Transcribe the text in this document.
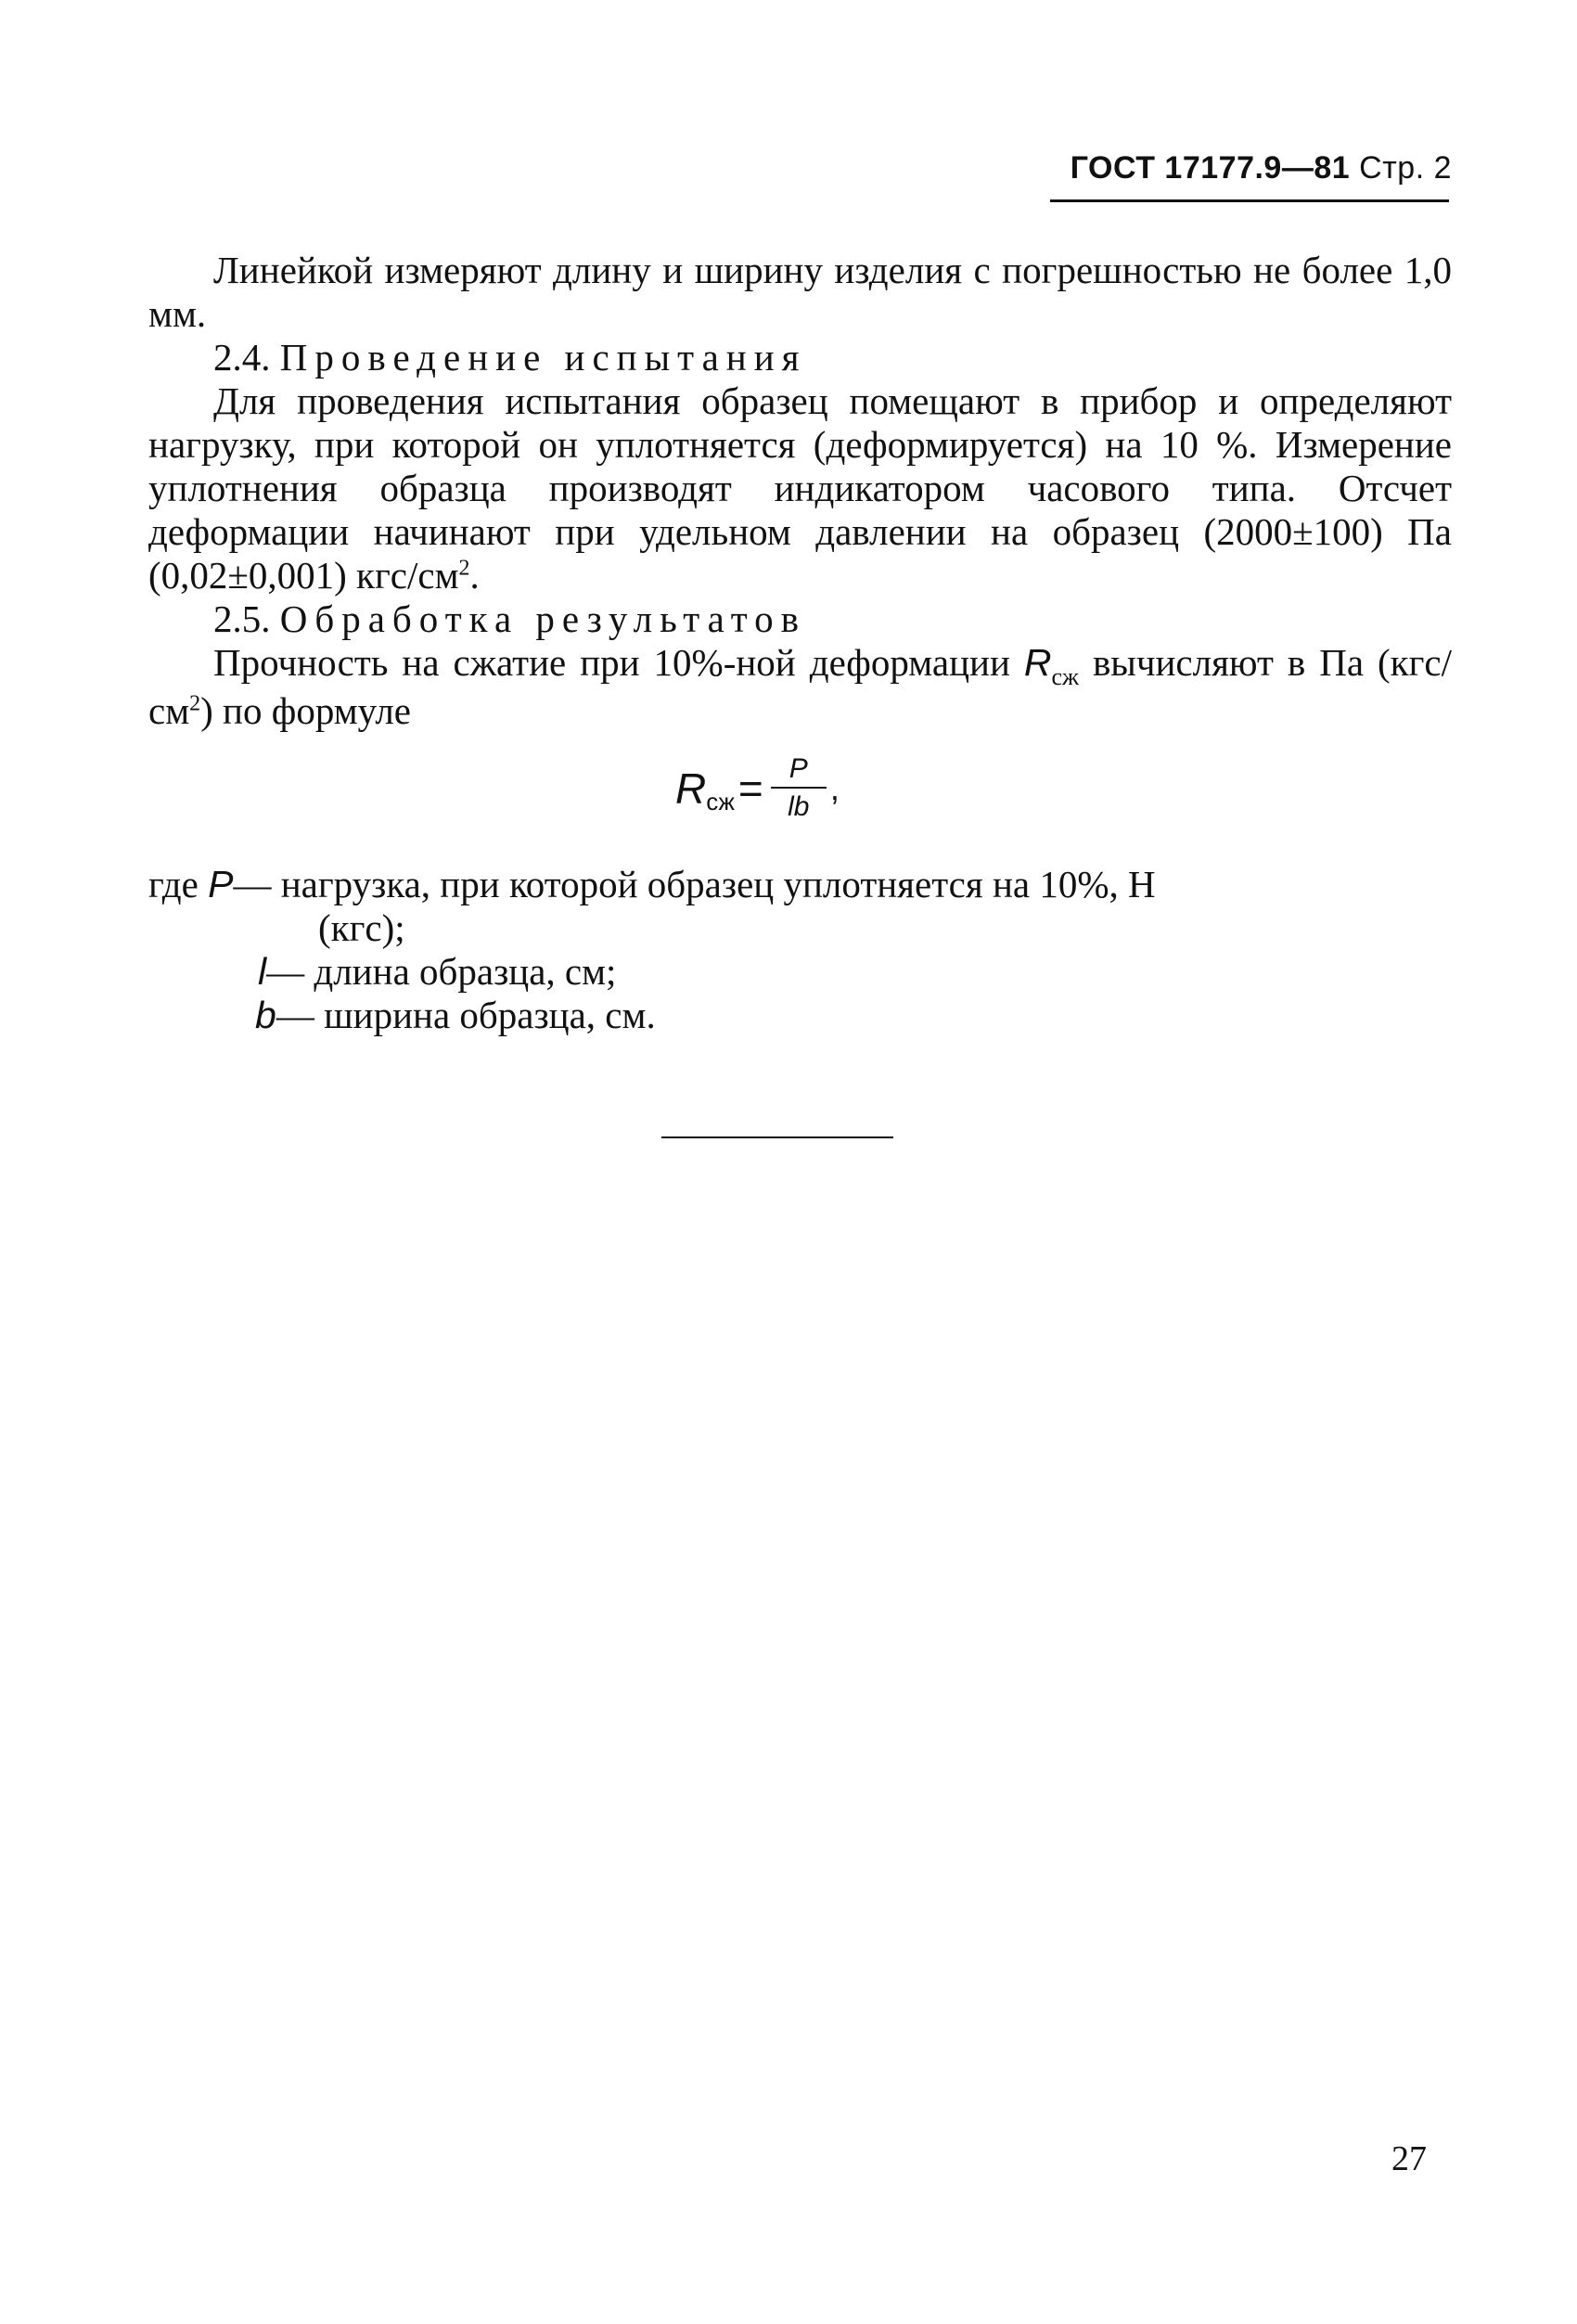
ГОСТ 17177.9—81 Стр. 2

Линейкой измеряют длину и ширину изделия с погрешностью не более 1,0 мм.

2.4. Проведение испытания

Для проведения испытания образец помещают в прибор и определяют нагрузку, при которой он уплотняется (деформируется) на 10 %. Измерение уплотнения образца производят индикатором часового типа. Отсчет деформации начинают при удельном давлении на образец (2000±100) Па (0,02±0,001) кгс/$см^2$.

2.5. Обработка результатов

Прочность на сжатие при 10%-ной деформации $R_{сж}$ вычисляют в Па $(кгс/см^2)$ по формуле

R сж = $\frac{P}{lb}$ ,
где
P — нагрузка, при которой образец уплотняется на 10%, Н
(кгс);
l — длина образца, см;
b — ширина образца, см.
27
